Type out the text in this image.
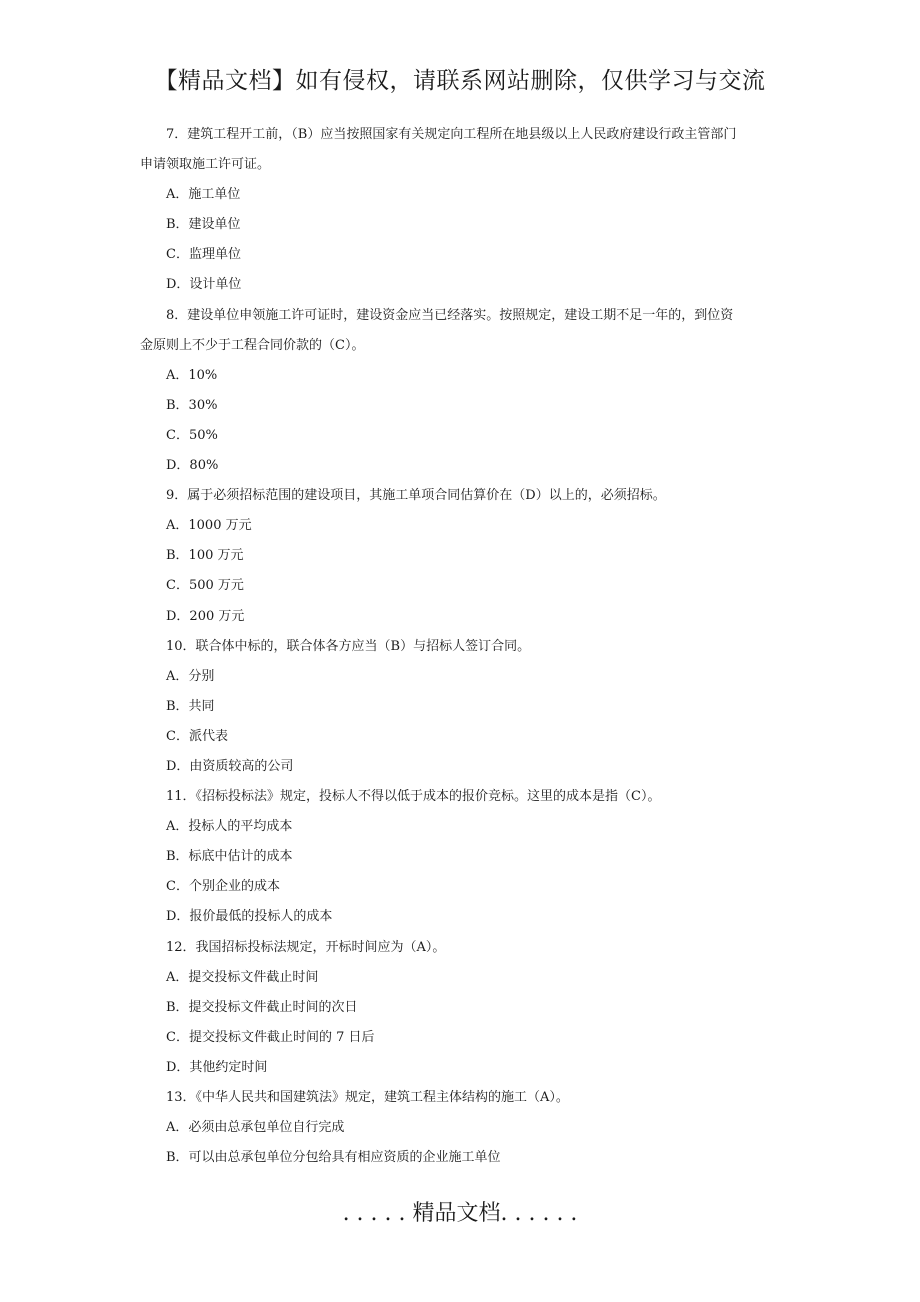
【精品文档】如有侵权，请联系网站删除，仅供学习与交流
7．建筑工程开工前，（B）应当按照国家有关规定向工程所在地县级以上人民政府建设行政主管部门
申请领取施工许可证。
A．施工单位
B．建设单位
C．监理单位
D．设计单位
8．建设单位申领施工许可证时，建设资金应当已经落实。按照规定，建设工期不足一年的，到位资
金原则上不少于工程合同价款的（C）。
A．10%
B．30%
C．50%
D．80%
9．属于必须招标范围的建设项目，其施工单项合同估算价在（D）以上的，必须招标。
A．1000 万元
B．100 万元
C．500 万元
D．200 万元
10．联合体中标的，联合体各方应当（B）与招标人签订合同。
A．分别
B．共同
C．派代表
D．由资质较高的公司
11．《招标投标法》规定，投标人不得以低于成本的报价竞标。这里的成本是指（C）。
A．投标人的平均成本
B．标底中估计的成本
C．个别企业的成本
D．报价最低的投标人的成本
12．我国招标投标法规定，开标时间应为（A）。
A．提交投标文件截止时间
B．提交投标文件截止时间的次日
C．提交投标文件截止时间的 7 日后
D．其他约定时间
13．《中华人民共和国建筑法》规定，建筑工程主体结构的施工（A）。
A．必须由总承包单位自行完成
B．可以由总承包单位分包给具有相应资质的企业施工单位
. . . . . 精品文档. . . . . .
